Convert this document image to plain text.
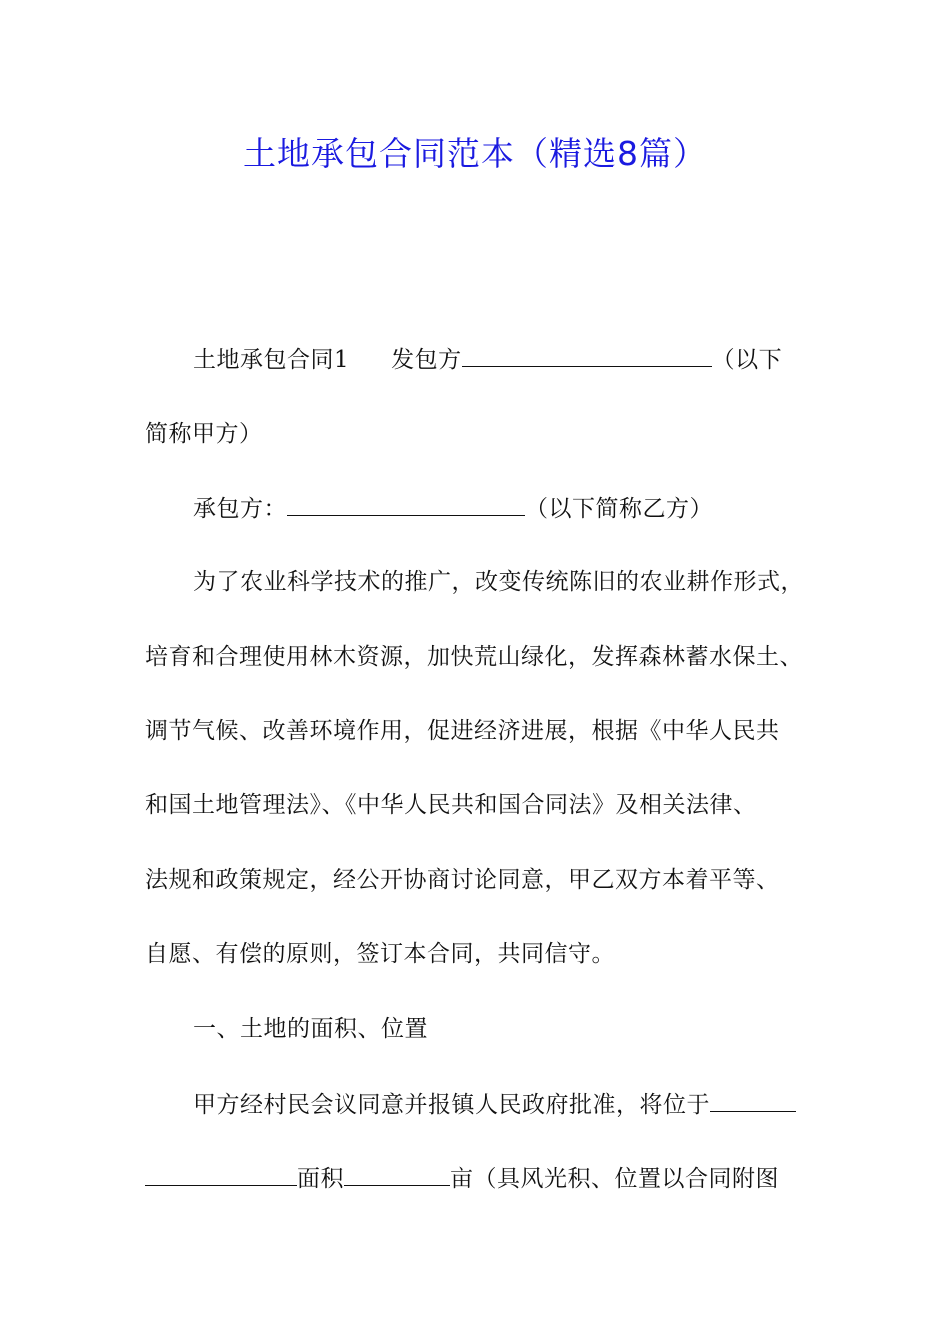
土地承包合同范本（精选8篇）
土地承包合同1 发包方	（以下
简称甲方）
承包方：	（以下简称乙方）
为了农业科学技术的推广，改变传统陈旧的农业耕作形式，
培育和合理使用林木资源，加快荒山绿化，发挥森林蓄水保土、
调节气候、改善环境作用，促进经济进展，根据《中华人民共
和国土地管理法》、《中华人民共和国合同法》及相关法律、
法规和政策规定，经公开协商讨论同意，甲乙双方本着平等、
自愿、有偿的原则，签订本合同，共同信守。
一、土地的面积、位置
甲方经村民会议同意并报镇人民政府批准，将位于
面积	亩（具风光积、位置以合同附图
